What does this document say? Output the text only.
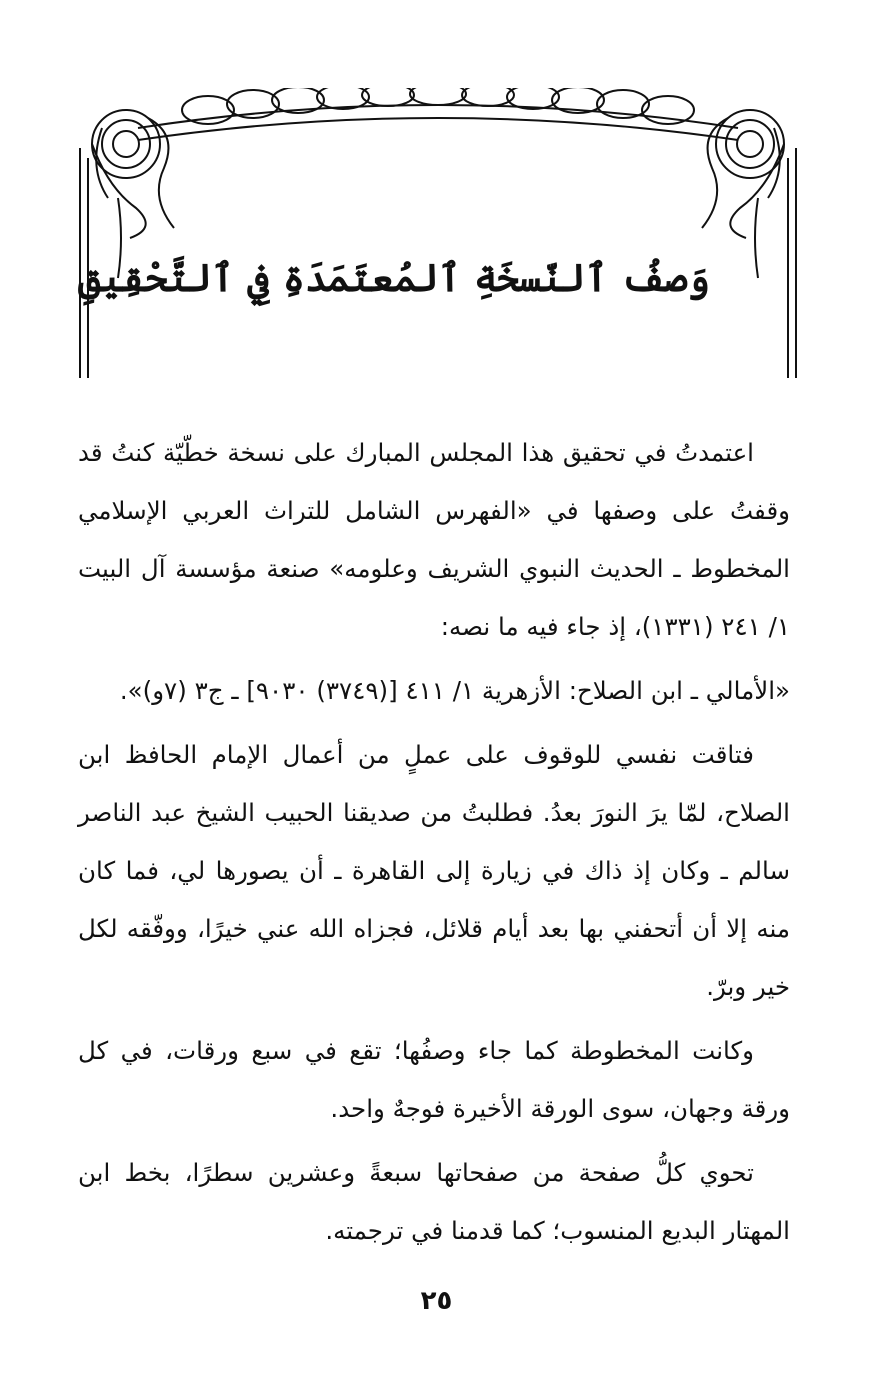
وَصفُ ٱلنّسخَةِ ٱلمُعتَمَدَةِ فِي ٱلتَّحْقِيقِ

اعتمدتُ في تحقيق هذا المجلس المبارك على نسخة خطّيّة كنتُ قد وقفتُ على وصفها في «الفهرس الشامل للتراث العربي الإسلامي المخطوط ـ الحديث النبوي الشريف وعلومه» صنعة مؤسسة آل البيت ١/ ٢٤١ (١٣٣١)، إذ جاء فيه ما نصه:

«الأمالي ـ ابن الصلاح: الأزهرية ١/ ٤١١ [(٣٧٤٩) ٩٠٣٠] ـ ج٣ (٧و)».

فتاقت نفسي للوقوف على عملٍ من أعمال الإمام الحافظ ابن الصلاح، لمّا يرَ النورَ بعدُ. فطلبتُ من صديقنا الحبيب الشيخ عبد الناصر سالم ـ وكان إذ ذاك في زيارة إلى القاهرة ـ أن يصورها لي، فما كان منه إلا أن أتحفني بها بعد أيام قلائل، فجزاه الله عني خيرًا، ووفّقه لكل خير وبرّ.

وكانت المخطوطة كما جاء وصفُها؛ تقع في سبع ورقات، في كل ورقة وجهان، سوى الورقة الأخيرة فوجهٌ واحد.

تحوي كلُّ صفحة من صفحاتها سبعةً وعشرين سطرًا، بخط ابن المهتار البديع المنسوب؛ كما قدمنا في ترجمته.

٢٥
